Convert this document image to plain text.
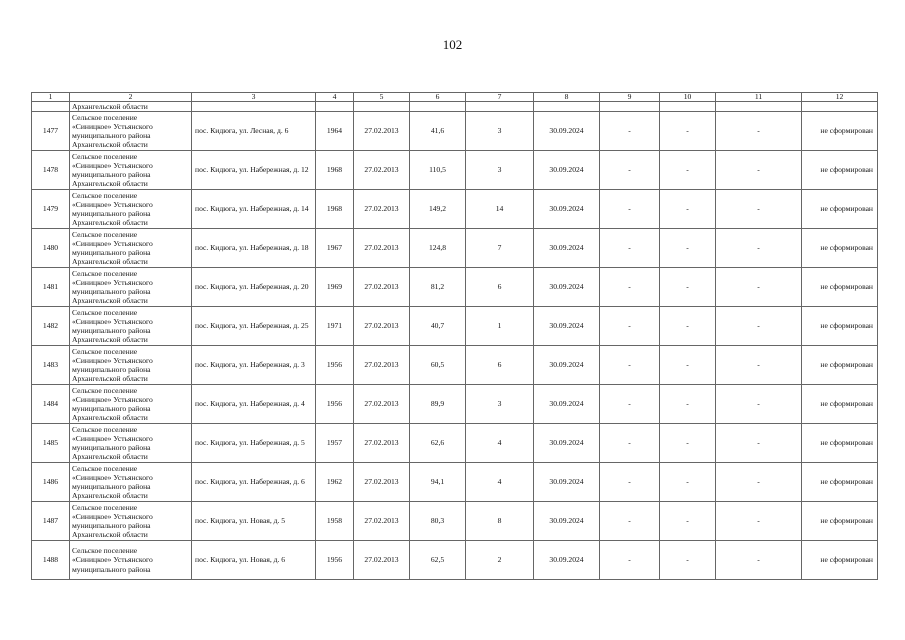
102
1	2	3	4	5	6	7	8	9	10	11	12
	Архангельской области										
1477	Сельское поселение
«Синицкое» Устьянского
муниципального района
Архангельской области	пос. Кидюга, ул. Лесная, д. 6	1964	27.02.2013	41,6	3	30.09.2024	-	-	-	не сформирован
1478	Сельское поселение
«Синицкое» Устьянского
муниципального района
Архангельской области	пос. Кидюга, ул. Набережная, д. 12	1968	27.02.2013	110,5	3	30.09.2024	-	-	-	не сформирован
1479	Сельское поселение
«Синицкое» Устьянского
муниципального района
Архангельской области	пос. Кидюга, ул. Набережная, д. 14	1968	27.02.2013	149,2	14	30.09.2024	-	-	-	не сформирован
1480	Сельское поселение
«Синицкое» Устьянского
муниципального района
Архангельской области	пос. Кидюга, ул. Набережная, д. 18	1967	27.02.2013	124,8	7	30.09.2024	-	-	-	не сформирован
1481	Сельское поселение
«Синицкое» Устьянского
муниципального района
Архангельской области	пос. Кидюга, ул. Набережная, д. 20	1969	27.02.2013	81,2	6	30.09.2024	-	-	-	не сформирован
1482	Сельское поселение
«Синицкое» Устьянского
муниципального района
Архангельской области	пос. Кидюга, ул. Набережная, д. 25	1971	27.02.2013	40,7	1	30.09.2024	-	-	-	не сформирован
1483	Сельское поселение
«Синицкое» Устьянского
муниципального района
Архангельской области	пос. Кидюга, ул. Набережная, д. 3	1956	27.02.2013	60,5	6	30.09.2024	-	-	-	не сформирован
1484	Сельское поселение
«Синицкое» Устьянского
муниципального района
Архангельской области	пос. Кидюга, ул. Набережная, д. 4	1956	27.02.2013	89,9	3	30.09.2024	-	-	-	не сформирован
1485	Сельское поселение
«Синицкое» Устьянского
муниципального района
Архангельской области	пос. Кидюга, ул. Набережная, д. 5	1957	27.02.2013	62,6	4	30.09.2024	-	-	-	не сформирован
1486	Сельское поселение
«Синицкое» Устьянского
муниципального района
Архангельской области	пос. Кидюга, ул. Набережная, д. 6	1962	27.02.2013	94,1	4	30.09.2024	-	-	-	не сформирован
1487	Сельское поселение
«Синицкое» Устьянского
муниципального района
Архангельской области	пос. Кидюга, ул. Новая, д. 5	1958	27.02.2013	80,3	8	30.09.2024	-	-	-	не сформирован
1488	Сельское поселение
«Синицкое» Устьянского
муниципального района	пос. Кидюга, ул. Новая, д. 6	1956	27.02.2013	62,5	2	30.09.2024	-	-	-	не сформирован
